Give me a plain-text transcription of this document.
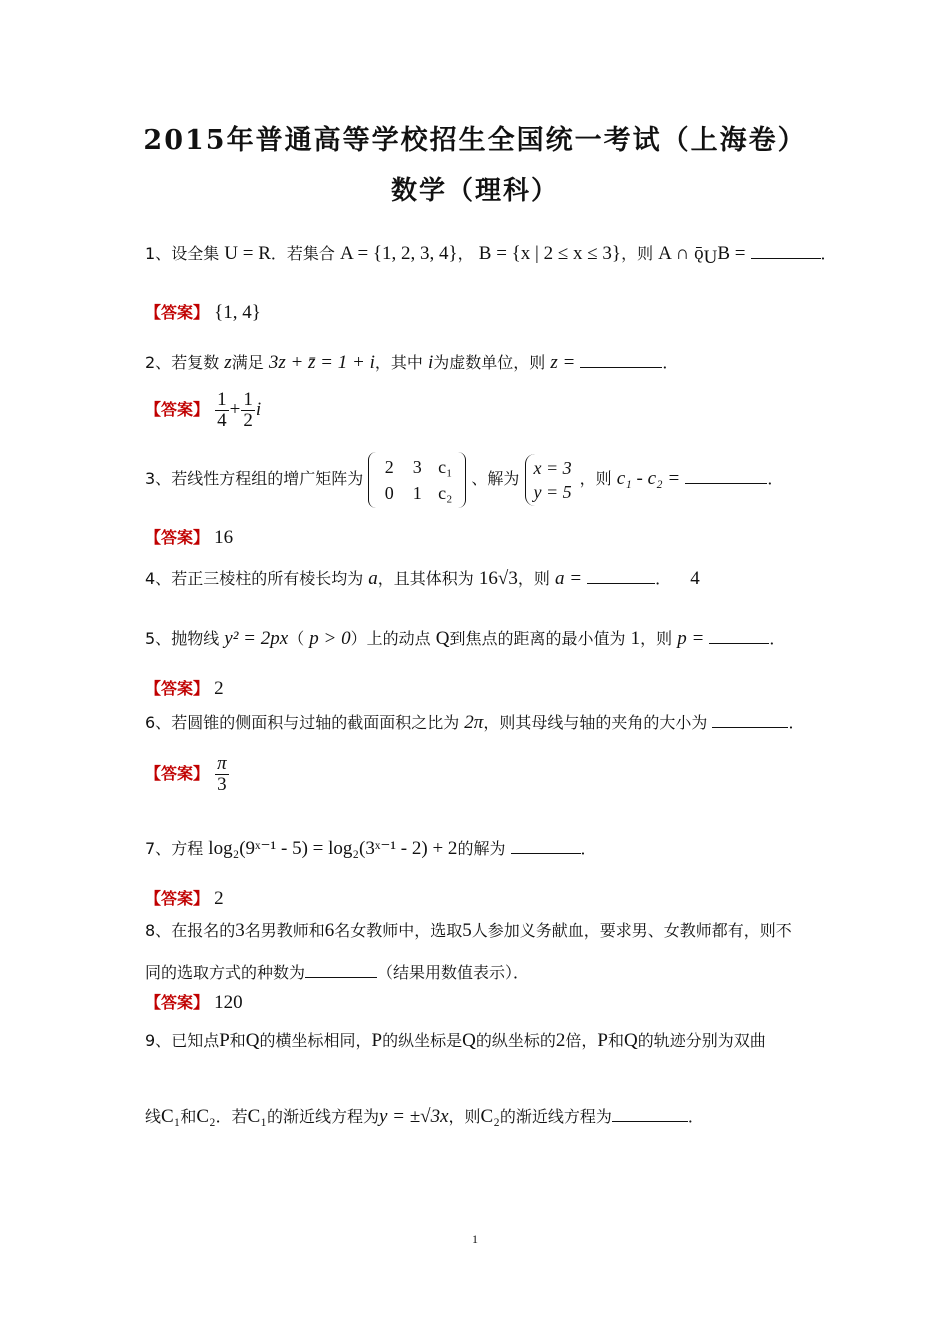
2015年普通高等学校招生全国统一考试（上海卷）
数学（理科）
1、设全集 U = R．若集合 A = {1, 2, 3, 4}， B = {x | 2 ≤ x ≤ 3}，则 A ∩ $ǭ_UB$ =	．
【答案】 {1, 4}
2、若复数 z满足 3z + z̄ = 1 + i，其中 i为虚数单位，则 z =	．
【答案】 $\frac{1}{4} + \frac{1}{2}$ i
3、若线性方程组的增广矩阵为 2 3 c₁
0 1 c₂ 、解为 x = 3
y = 5，则 c₁ - c₂ =	．
【答案】 16
4、若正三棱柱的所有棱长均为 a，且其体积为 16√3，则 a =	． 4
5、抛物线 y² = 2px（ p > 0）上的动点 Q到焦点的距离的最小值为 1，则 p =	．
【答案】 2
6、若圆锥的侧面积与过轴的截面面积之比为 2π，则其母线与轴的夹角的大小为	．
【答案】 $\frac{\pi}{3}$
7、方程 log₂(9ˣ⁻¹ - 5) = log₂(3ˣ⁻¹ - 2) + 2的解为	．
【答案】 2
8、在报名的3名男教师和6名女教师中，选取5人参加义务献血，要求男、女教师都有，则不
同的选取方式的种数为	（结果用数值表示）．
【答案】 120
9、已知点P和Q的横坐标相同，P的纵坐标是Q的纵坐标的2倍，P和Q的轨迹分别为双曲
线C₁和C₂．若C₁的渐近线方程为y = ±√3x，则C₂的渐近线方程为	．
1
